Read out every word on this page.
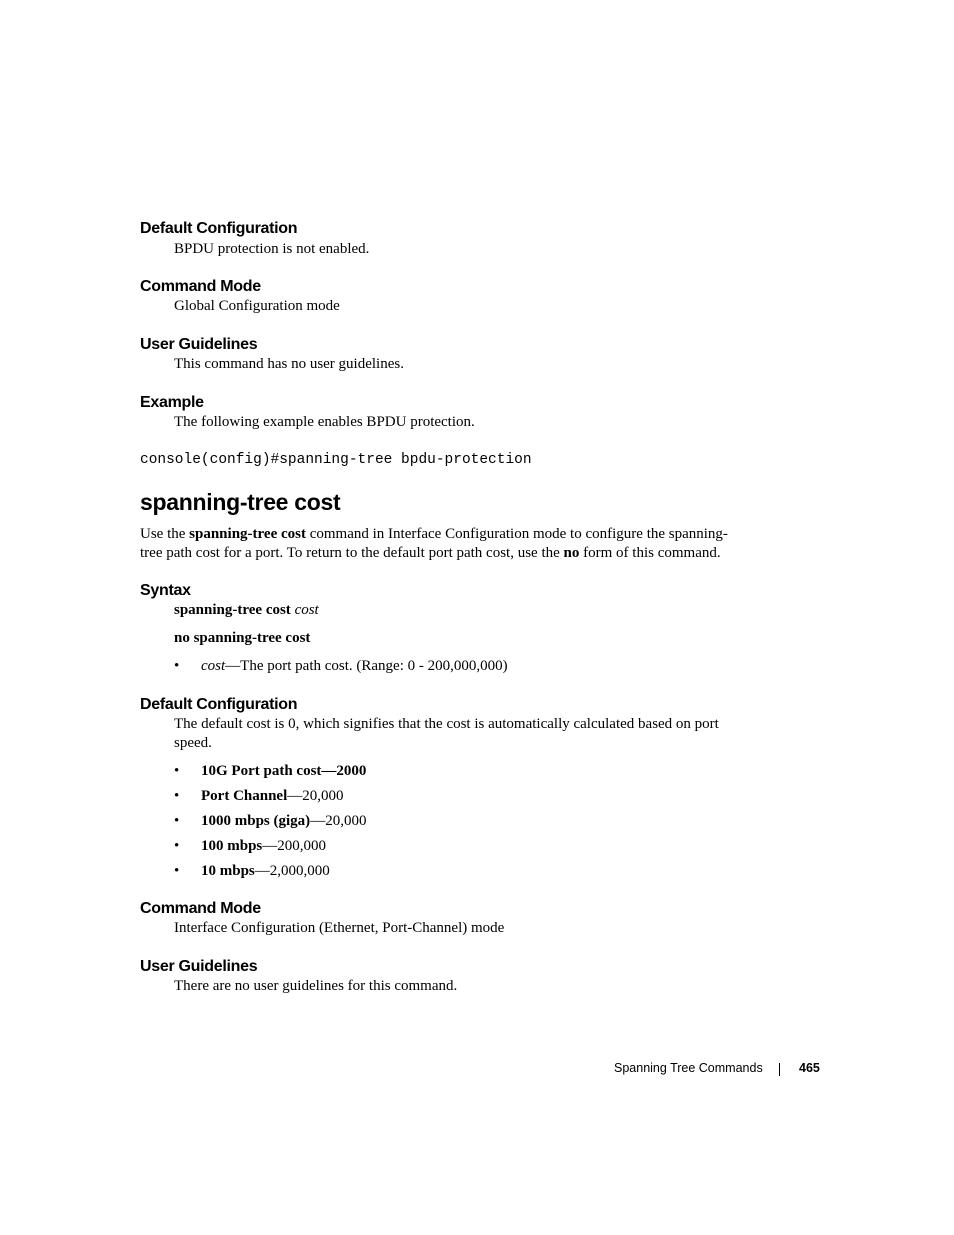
Default Configuration
BPDU protection is not enabled.
Command Mode
Global Configuration mode
User Guidelines
This command has no user guidelines.
Example
The following example enables BPDU protection.
console(config)#spanning-tree bpdu-protection
spanning-tree cost
Use the spanning-tree cost command in Interface Configuration mode to configure the spanning-
tree path cost for a port. To return to the default port path cost, use the no form of this command.
Syntax
spanning-tree cost cost
no spanning-tree cost
• cost—The port path cost. (Range: 0 - 200,000,000)
Default Configuration
The default cost is 0, which signifies that the cost is automatically calculated based on port
speed.
• 10G Port path cost—2000
• Port Channel—20,000
• 1000 mbps (giga)—20,000
• 100 mbps—200,000
• 10 mbps—2,000,000
Command Mode
Interface Configuration (Ethernet, Port-Channel) mode
User Guidelines
There are no user guidelines for this command.
Spanning Tree Commands	465
